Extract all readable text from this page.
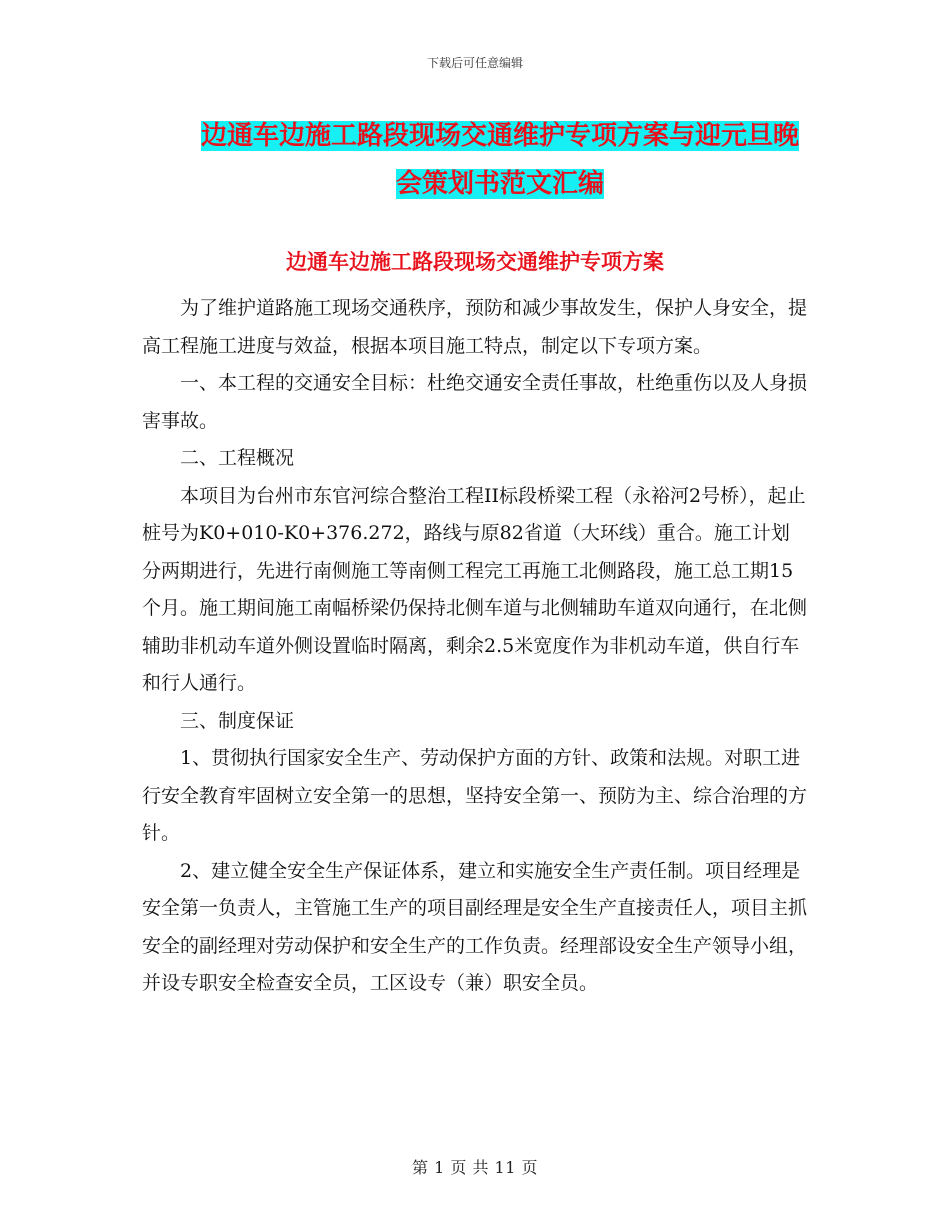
下载后可任意编辑
边通车边施工路段现场交通维护专项方案与迎元旦晚会策划书范文汇编
边通车边施工路段现场交通维护专项方案

为了维护道路施工现场交通秩序，预防和减少事故发生，保护人身安全，提高工程施工进度与效益，根据本项目施工特点，制定以下专项方案。

一、本工程的交通安全目标：杜绝交通安全责任事故，杜绝重伤以及人身损害事故。

二、工程概况

本项目为台州市东官河综合整治工程II标段桥梁工程（永裕河2号桥），起止桩号为K0+010-K0+376.272，路线与原82省道（大环线）重合。施工计划分两期进行，先进行南侧施工等南侧工程完工再施工北侧路段，施工总工期15个月。施工期间施工南幅桥梁仍保持北侧车道与北侧辅助车道双向通行，在北侧辅助非机动车道外侧设置临时隔离，剩余2.5米宽度作为非机动车道，供自行车和行人通行。

三、制度保证

1、贯彻执行国家安全生产、劳动保护方面的方针、政策和法规。对职工进行安全教育牢固树立安全第一的思想，坚持安全第一、预防为主、综合治理的方针。

2、建立健全安全生产保证体系，建立和实施安全生产责任制。项目经理是安全第一负责人，主管施工生产的项目副经理是安全生产直接责任人，项目主抓安全的副经理对劳动保护和安全生产的工作负责。经理部设安全生产领导小组，并设专职安全检查安全员，工区设专（兼）职安全员。

第 1 页 共 11 页
